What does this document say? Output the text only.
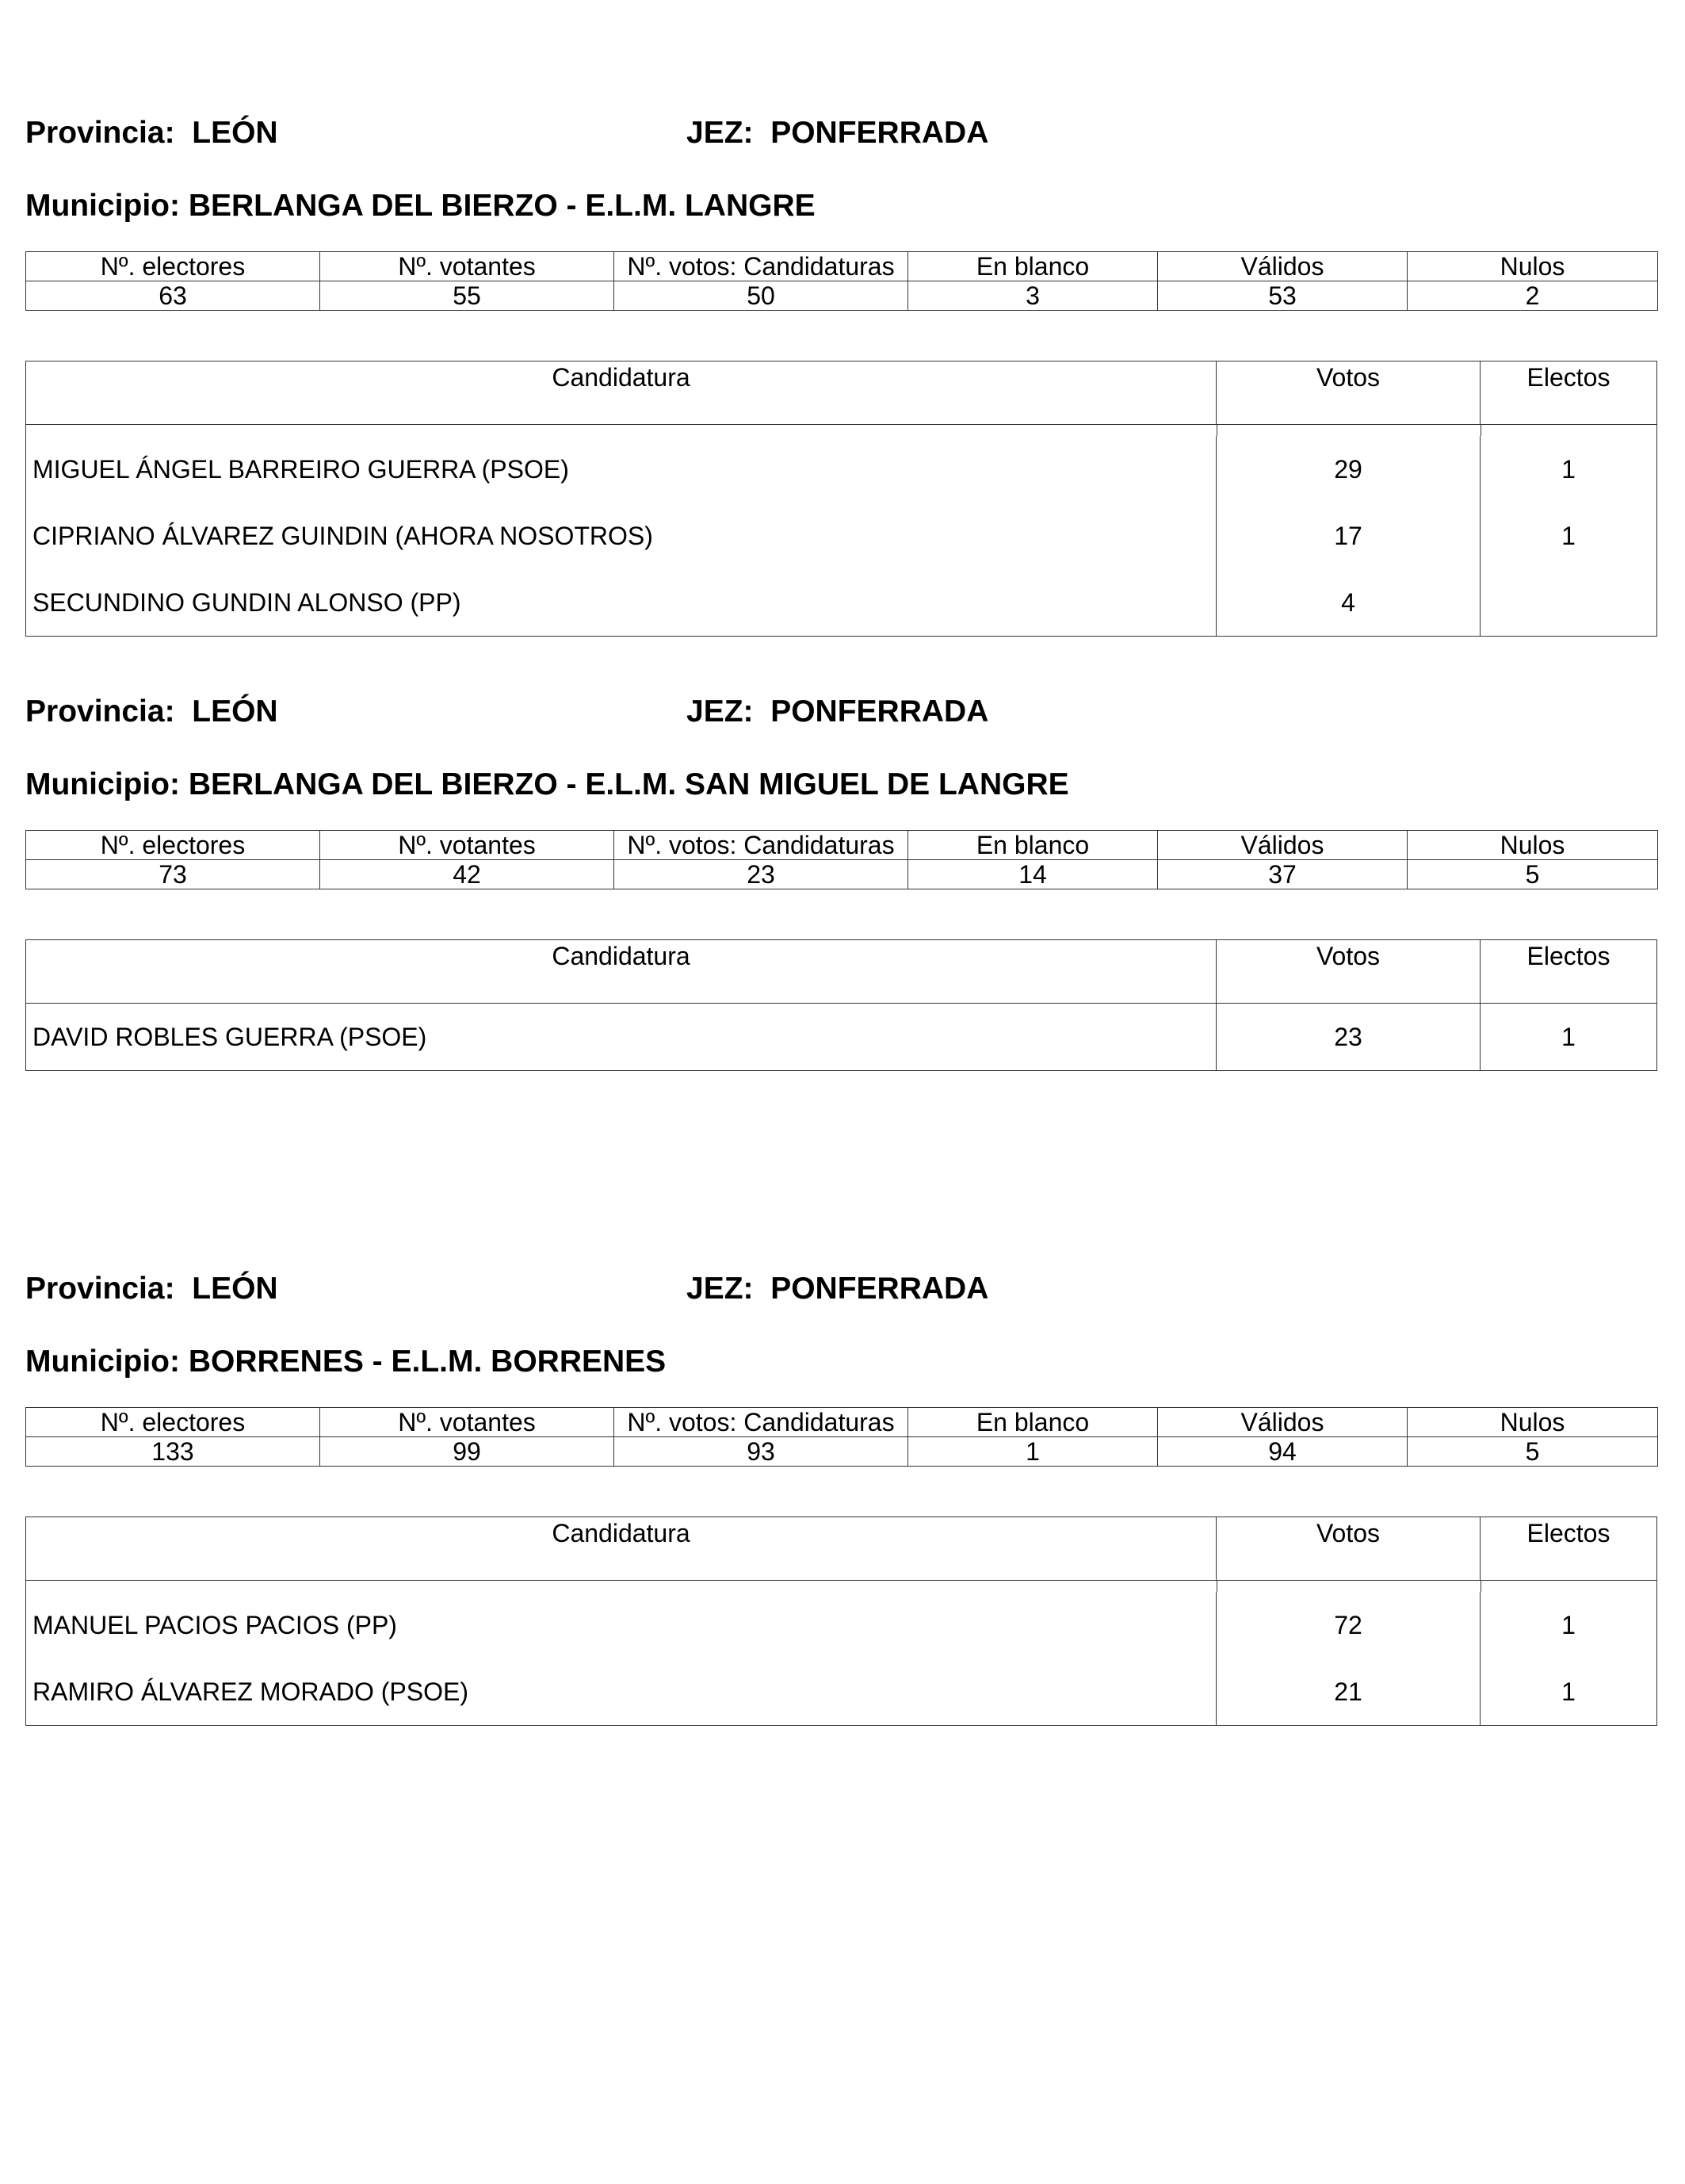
Provincia: LEÓN	JEZ: PONFERRADA
Municipio: BERLANGA DEL BIERZO - E.L.M. LANGRE
Nº. electores	Nº. votantes	Nº. votos: Candidaturas	En blanco	Válidos	Nulos
63	55	50	3	53	2
Candidatura	Votos	Electos
MIGUEL ÁNGEL BARREIRO GUERRA (PSOE)	29	1
CIPRIANO ÁLVAREZ GUINDIN (AHORA NOSOTROS)	17	1
SECUNDINO GUNDIN ALONSO (PP)	4
Provincia: LEÓN	JEZ: PONFERRADA
Municipio: BERLANGA DEL BIERZO - E.L.M. SAN MIGUEL DE LANGRE
Nº. electores	Nº. votantes	Nº. votos: Candidaturas	En blanco	Válidos	Nulos
73	42	23	14	37	5
Candidatura	Votos	Electos
DAVID ROBLES GUERRA (PSOE)	23	1
Provincia: LEÓN	JEZ: PONFERRADA
Municipio: BORRENES - E.L.M. BORRENES
Nº. electores	Nº. votantes	Nº. votos: Candidaturas	En blanco	Válidos	Nulos
133	99	93	1	94	5
Candidatura	Votos	Electos
MANUEL PACIOS PACIOS (PP)	72	1
RAMIRO ÁLVAREZ MORADO (PSOE)	21	1
